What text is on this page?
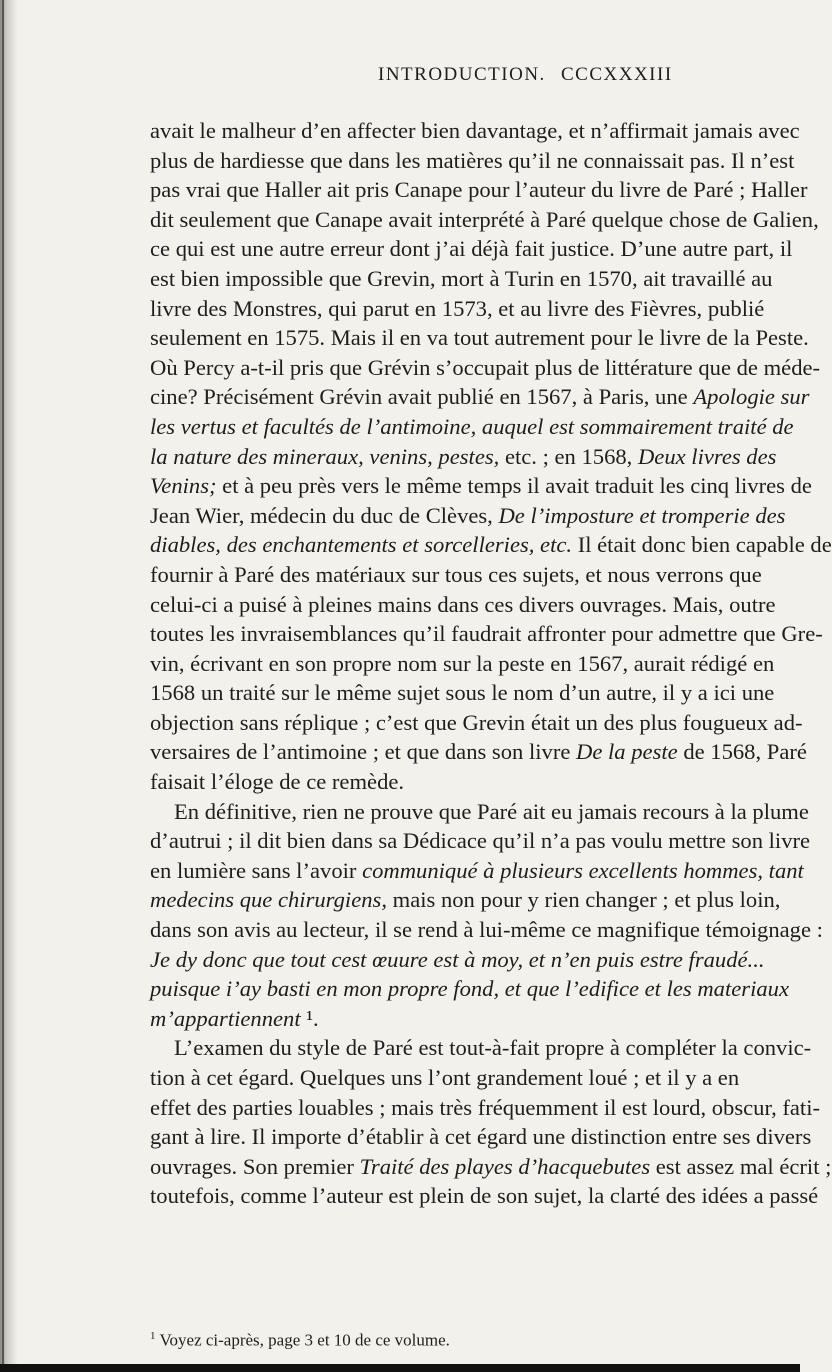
INTRODUCTION. CCCXXXIII
avait le malheur d’en affecter bien davantage, et n’affirmait jamais avec
plus de hardiesse que dans les matières qu’il ne connaissait pas. Il n’est
pas vrai que Haller ait pris Canape pour l’auteur du livre de Paré ; Haller
dit seulement que Canape avait interprété à Paré quelque chose de Galien,
ce qui est une autre erreur dont j’ai déjà fait justice. D’une autre part, il
est bien impossible que Grevin, mort à Turin en 1570, ait travaillé au
livre des Monstres, qui parut en 1573, et au livre des Fièvres, publié
seulement en 1575. Mais il en va tout autrement pour le livre de la Peste.
Où Percy a-t-il pris que Grévin s’occupait plus de littérature que de méde-
cine? Précisément Grévin avait publié en 1567, à Paris, une Apologie sur
les vertus et facultés de l’antimoine, auquel est sommairement traité de
la nature des mineraux, venins, pestes, etc. ; en 1568, Deux livres des
Venins; et à peu près vers le même temps il avait traduit les cinq livres de
Jean Wier, médecin du duc de Clèves, De l’imposture et tromperie des
diables, des enchantements et sorcelleries, etc. Il était donc bien capable de
fournir à Paré des matériaux sur tous ces sujets, et nous verrons que
celui-ci a puisé à pleines mains dans ces divers ouvrages. Mais, outre
toutes les invraisemblances qu’il faudrait affronter pour admettre que Gre-
vin, écrivant en son propre nom sur la peste en 1567, aurait rédigé en
1568 un traité sur le même sujet sous le nom d’un autre, il y a ici une
objection sans réplique ; c’est que Grevin était un des plus fougueux ad-
versaires de l’antimoine ; et que dans son livre De la peste de 1568, Paré
faisait l’éloge de ce remède.
En définitive, rien ne prouve que Paré ait eu jamais recours à la plume
d’autrui ; il dit bien dans sa Dédicace qu’il n’a pas voulu mettre son livre
en lumière sans l’avoir communiqué à plusieurs excellents hommes, tant
medecins que chirurgiens, mais non pour y rien changer ; et plus loin,
dans son avis au lecteur, il se rend à lui-même ce magnifique témoignage :
Je dy donc que tout cest œuure est à moy, et n’en puis estre fraudé...
puisque i’ay basti en mon propre fond, et que l’edifice et les materiaux
m’appartiennent ¹.
L’examen du style de Paré est tout-à-fait propre à compléter la convic-
tion à cet égard. Quelques uns l’ont grandement loué ; et il y a en
effet des parties louables ; mais très fréquemment il est lourd, obscur, fati-
gant à lire. Il importe d’établir à cet égard une distinction entre ses divers
ouvrages. Son premier Traité des playes d’hacquebutes est assez mal écrit ;
toutefois, comme l’auteur est plein de son sujet, la clarté des idées a passé
$^1$ Voyez ci-après, page 3 et 10 de ce volume.
